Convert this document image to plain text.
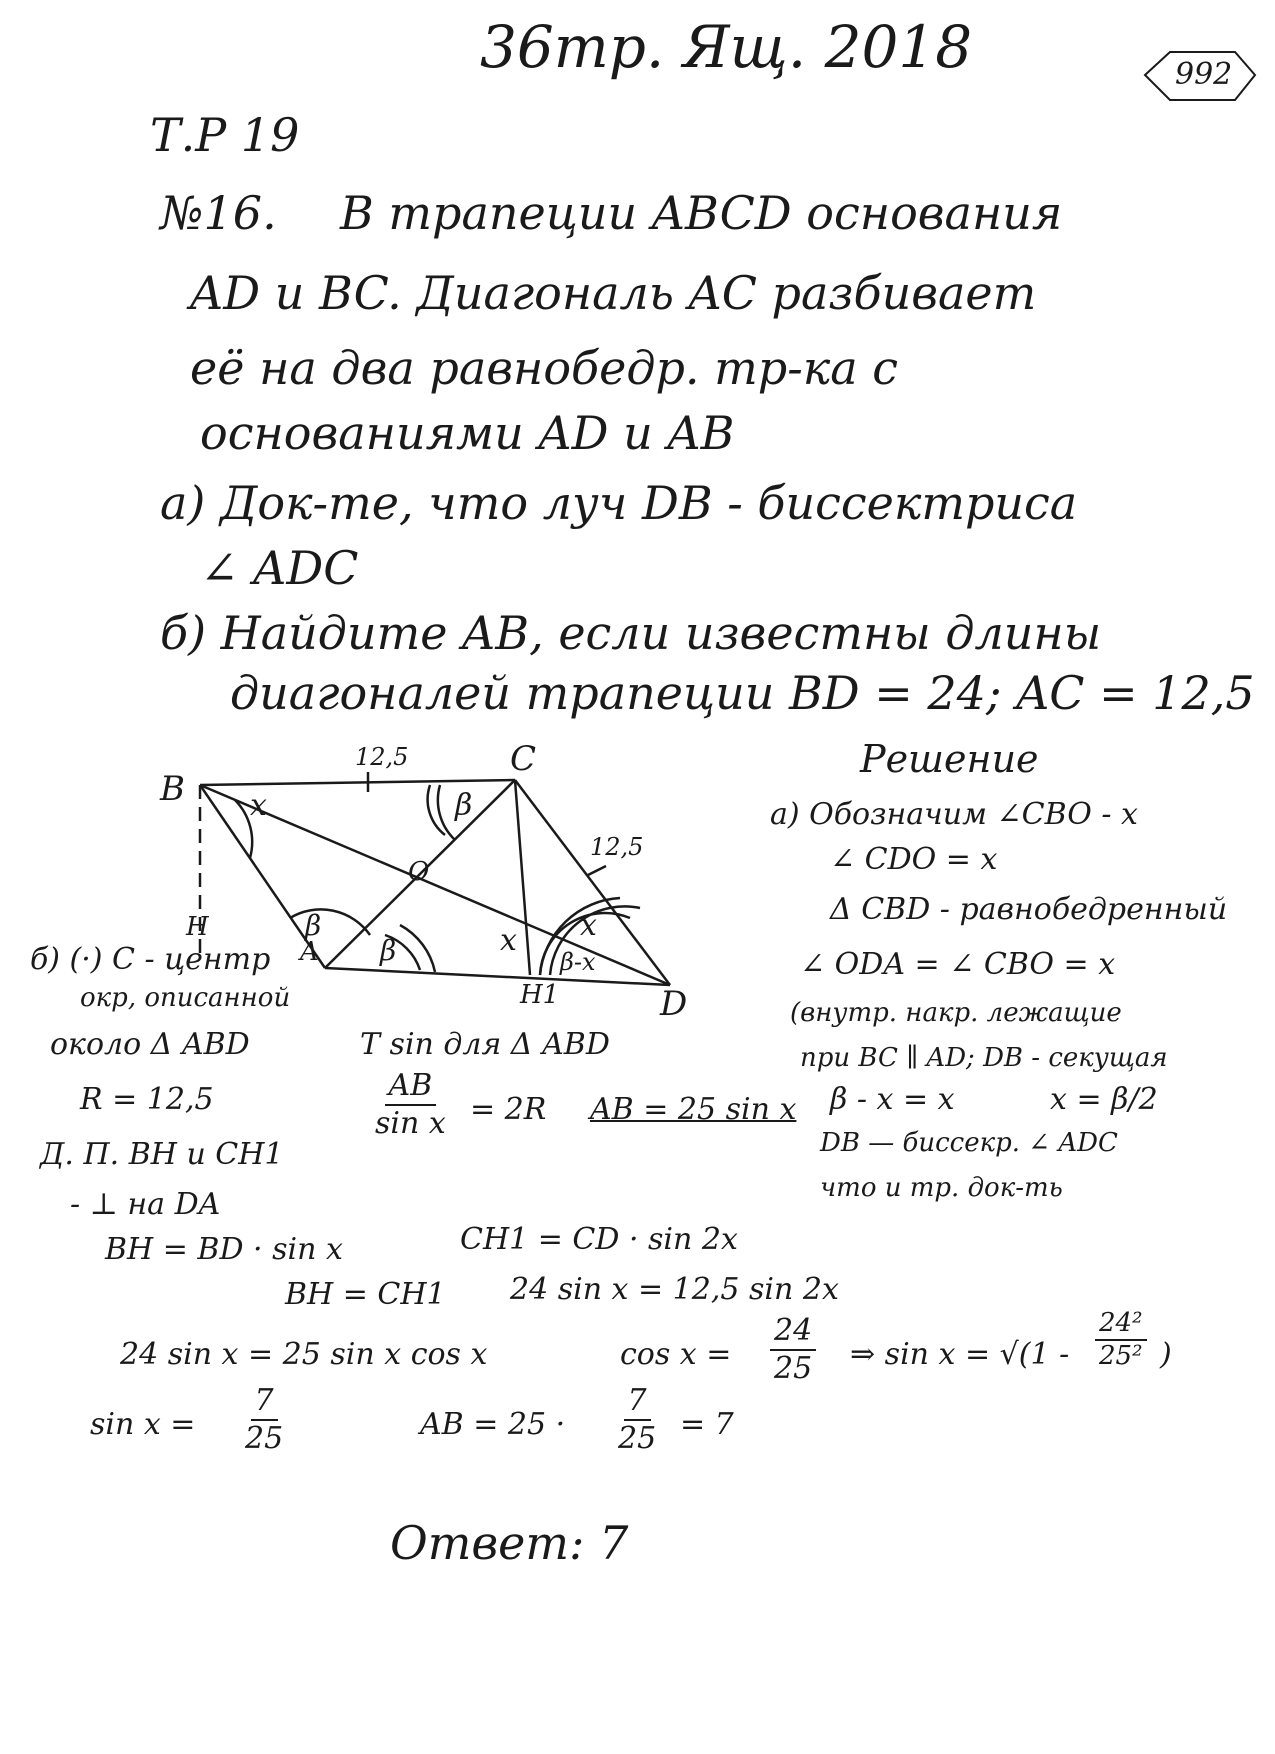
36тр. Ящ. 2018	992
Т.Р 19
№16. В трапеции ABCD основания
AD и BC. Диагональ AC разбивает
её на два равнобедр. тр-ка с
основаниями AD и AB
а) Док-те, что луч DB - биссектриса
∠ ADC
б) Найдите AB, если известны длины
диагоналей трапеции BD = 24; AC = 12,5
B
C
D
A
O
H
H1
12,5
12,5
x
x
x
β
β
β	β-x
Решение
а) Обозначим ∠CBO - x
∠ CDO = x
Δ CBD - равнобедренный
∠ ODA = ∠ CBO = x
(внутр. накр. лежащие
при BC ∥ AD; DB - секущая
β - x = x	x = β/2
DB — биссекр. ∠ ADC
что и тр. док-ть
б) (·) C - центр
окр, описанной
около Δ ABD
R = 12,5
Т sin для Δ ABD
$\frac{AB}{\text{sin x}} = 2R$ AB = 25 sin x
Д. П. BH и CH1
- ⊥ на DA
BH = BD · sin x	CH1 = CD · sin 2x
BH = CH1 24 sin x = 12,5 sin 2x
24 sin x = 25 sin x cos x	$\cos x = \frac{24}{25}$ ⇒ $\sin x = √(1 - \frac{\text{24²}}{\text{25²}}$ )
$\sin x = \frac{7}{25}$	AB = $25 \cdot \frac{7}{25} = 7$
Ответ: 7
